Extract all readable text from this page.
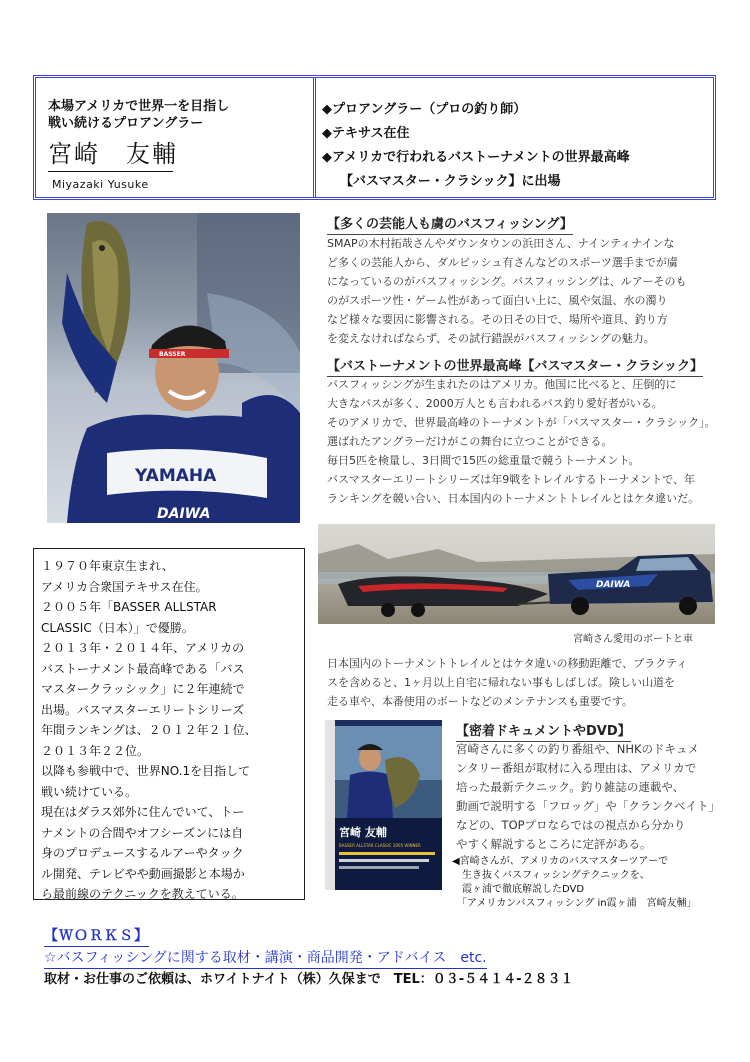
本場アメリカで世界一を目指し
戦い続けるプロアングラー
宮崎　友輔
Miyazaki Yusuke
◆プロアングラー（プロの釣り師）
◆テキサス在住
◆アメリカで行われるバストーナメントの世界最高峰
【バスマスター・クラシック】に出場
YAMAHA
PRO FISHING
DAIWA
BASSER
【多くの芸能人も虜のバスフィッシング】
SMAPの木村拓哉さんやダウンタウンの浜田さん、ナインティナインな
ど多くの芸能人から、ダルビッシュ有さんなどのスポーツ選手までが虜
になっているのがバスフィッシング。バスフィッシングは、ルアーそのも
のがスポーツ性・ゲーム性があって面白い上に、風や気温、水の濁り
など様々な要因に影響される。その日その日で、場所や道具、釣り方
を変えなければならず、その試行錯誤がバスフィッシングの魅力。
【バストーナメントの世界最高峰【バスマスター・クラシック】
バスフィッシングが生まれたのはアメリカ。他国に比べると、圧倒的に
大きなバスが多く、2000万人とも言われるバス釣り愛好者がいる。
そのアメリカで、世界最高峰のトーナメントが「バスマスター・クラシック」。
選ばれたアングラーだけがこの舞台に立つことができる。
毎日5匹を検量し、3日間で15匹の総重量で競うトーナメント。
バスマスターエリートシリーズは年9戦をトレイルするトーナメントで、年
ランキングを競い合い、日本国内のトーナメントトレイルとはケタ違いだ。
１９７０年東京生まれ、
アメリカ合衆国テキサス在住。
２００５年「BASSER ALLSTAR
CLASSIC（日本）」で優勝。
２０１３年・２０１４年、アメリカの
バストーナメント最高峰である「バス
マスタークラッシック」に２年連続で
出場。バスマスターエリートシリーズ
年間ランキングは、２０１２年２１位、
２０１３年２２位。
以降も参戦中で、世界NO.1を目指して
戦い続けている。
現在はダラス郊外に住んでいて、トー
ナメントの合間やオフシーズンには自
身のプロデュースするルアーやタック
ル開発、テレビやや動画撮影と本場か
ら最前線のテクニックを教えている。
DAIWA
宮崎さん愛用のボートと車
日本国内のトーナメントトレイルとはケタ違いの移動距離で、プラクティ
スを含めると、1ヶ月以上自宅に帰れない事もしばしば。険しい山道を
走る車や、本番使用のボートなどのメンテナンスも重要です。
宮崎 友輔
BASSER ALLSTAR CLASSIC 2005 WINNER
【密着ドキュメントやDVD】
宮崎さんに多くの釣り番組や、NHKのドキュメ
ンタリー番組が取材に入る理由は、アメリカで
培った最新テクニック。釣り雑誌の連載や、
動画で説明する「フロッグ」や「クランクベイト」
などの、TOPプロならではの視点から分かり
やすく解説するところに定評がある。
◀宮崎さんが、アメリカのバスマスターツアーで
　生き抜くバスフィッシングテクニックを、
　霞ヶ浦で徹底解説したDVD
　「アメリカンバスフィッシング in霞ヶ浦　宮崎友輔」
【ＷＯＲＫＳ】
☆バスフィッシングに関する取材・講演・商品開発・アドバイス　etc.
取材・お仕事のご依頼は、ホワイトナイト（株）久保まで　TEL：０３-５４１４-２８３１
